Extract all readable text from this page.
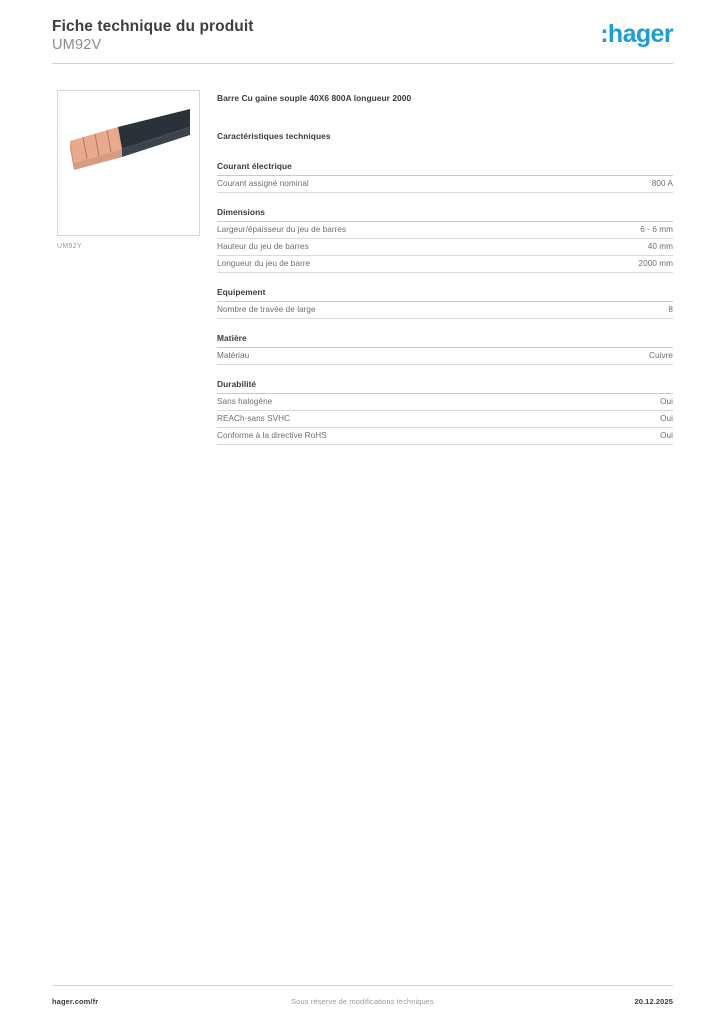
Fiche technique du produit
UM92V	:hager
UM92Y
Barre Cu gaine souple 40X6 800A longueur 2000
Caractéristiques techniques
Courant électrique
Courant assigné nominal	800 A
Dimensions
Largeur/épaisseur du jeu de barres	6 - 6 mm
Hauteur du jeu de barres	40 mm
Longueur du jeu de barre	2000 mm
Equipement
Nombre de travée de large	8
Matière
Matériau	Cuivre
Durabilité
Sans halogène	Oui
REACh-sans SVHC	Oui
Conforme à la directive RoHS	Oui
hager.com/fr	Sous réserve de modifications techniques	20.12.2025
